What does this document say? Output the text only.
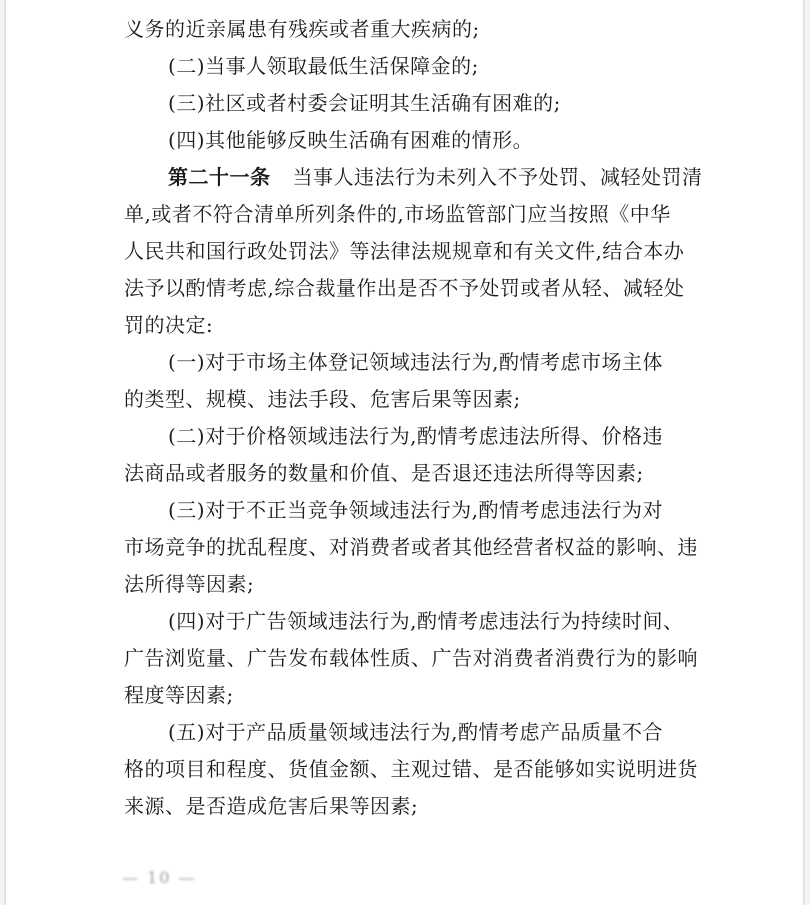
义务的近亲属患有残疾或者重大疾病的;
(二)当事人领取最低生活保障金的;
(三)社区或者村委会证明其生活确有困难的;
(四)其他能够反映生活确有困难的情形。
第二十一条 当事人违法行为未列入不予处罚、减轻处罚清
单,或者不符合清单所列条件的,市场监管部门应当按照《中华
人民共和国行政处罚法》等法律法规规章和有关文件,结合本办
法予以酌情考虑,综合裁量作出是否不予处罚或者从轻、减轻处
罚的决定:
(一)对于市场主体登记领域违法行为,酌情考虑市场主体
的类型、规模、违法手段、危害后果等因素;
(二)对于价格领域违法行为,酌情考虑违法所得、价格违
法商品或者服务的数量和价值、是否退还违法所得等因素;
(三)对于不正当竞争领域违法行为,酌情考虑违法行为对
市场竞争的扰乱程度、对消费者或者其他经营者权益的影响、违
法所得等因素;
(四)对于广告领域违法行为,酌情考虑违法行为持续时间、
广告浏览量、广告发布载体性质、广告对消费者消费行为的影响
程度等因素;
(五)对于产品质量领域违法行为,酌情考虑产品质量不合
格的项目和程度、货值金额、主观过错、是否能够如实说明进货
来源、是否造成危害后果等因素;
— 10 —
